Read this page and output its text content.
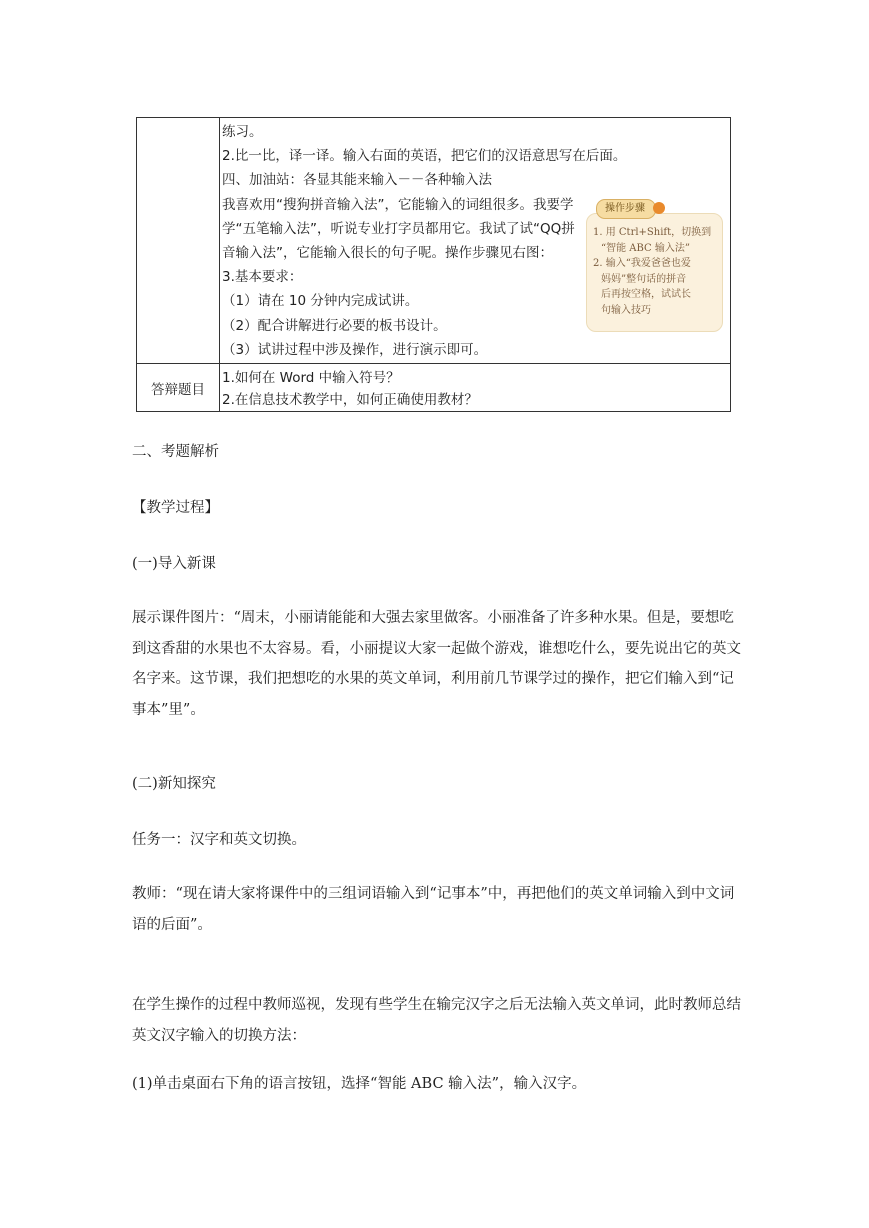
练习。
2.比一比，译一译。输入右面的英语，把它们的汉语意思写在后面。
四、加油站：各显其能来输入－－各种输入法
我喜欢用“搜狗拼音输入法”，它能输入的词组很多。我要学
学“五笔输入法”，听说专业打字员都用它。我试了试“QQ拼
音输入法”，它能输入很长的句子呢。操作步骤见右图：
3.基本要求：
（1）请在 10 分钟内完成试讲。
（2）配合讲解进行必要的板书设计。
（3）试讲过程中涉及操作，进行演示即可。
答辩题目
1.如何在 Word 中输入符号？
2.在信息技术教学中，如何正确使用教材？
操作步骤
1. 用 Ctrl+Shift，切换到
“智能 ABC 输入法”
2. 输入“我爱爸爸也爱
妈妈”整句话的拼音
后再按空格，试试长
句输入技巧
二、考题解析
【教学过程】
(一)导入新课
展示课件图片：“周末，小丽请能能和大强去家里做客。小丽准备了许多种水果。但是，要想吃到这香甜的水果也不太容易。看，小丽提议大家一起做个游戏，谁想吃什么，要先说出它的英文名字来。这节课，我们把想吃的水果的英文单词，利用前几节课学过的操作，把它们输入到“记事本”里”。
(二)新知探究
任务一：汉字和英文切换。
教师：“现在请大家将课件中的三组词语输入到“记事本”中，再把他们的英文单词输入到中文词语的后面”。
在学生操作的过程中教师巡视，发现有些学生在输完汉字之后无法输入英文单词，此时教师总结英文汉字输入的切换方法：
(1)单击桌面右下角的语言按钮，选择“智能 ABC 输入法”，输入汉字。
